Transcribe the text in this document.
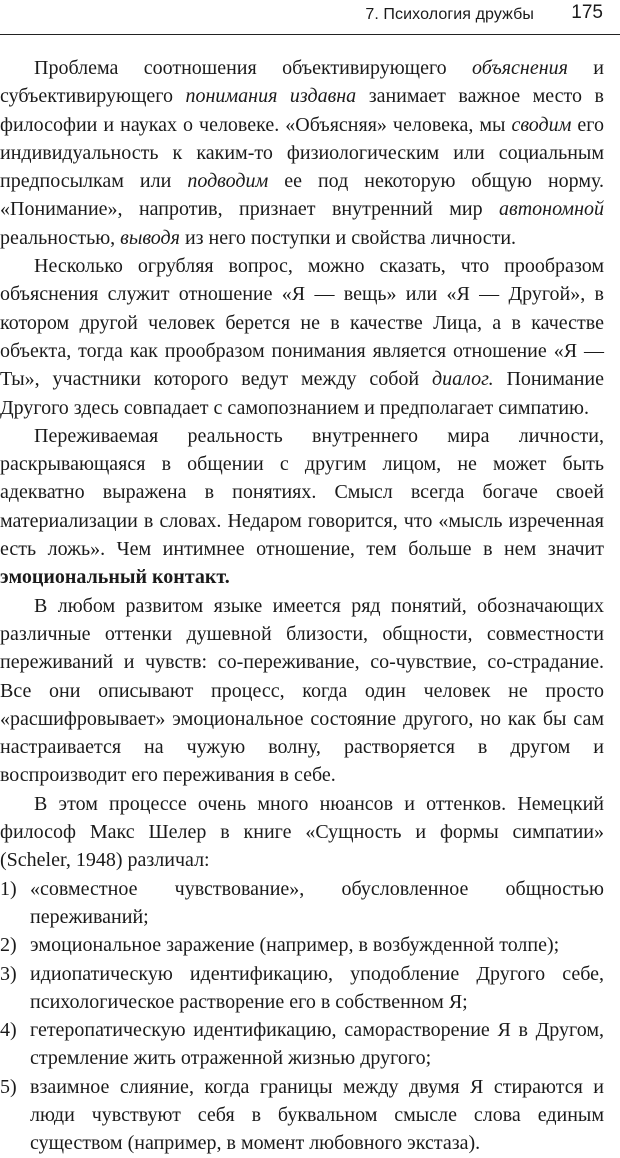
7. Психология дружбы 175

Проблема соотношения объективирующего объяснения и субъективирующего понимания издавна занимает важное место в философии и науках о человеке. «Объясняя» человека, мы сводим его индивидуальность к каким-то физиологическим или социальным предпосылкам или подводим ее под некоторую общую норму. «Понимание», напротив, признает внутренний мир автономной реальностью, выводя из него поступки и свойства личности.

Несколько огрубляя вопрос, можно сказать, что прообразом объяснения служит отношение «Я — вещь» или «Я — Другой», в котором другой человек берется не в качестве Лица, а в качестве объекта, тогда как прообразом понимания является отношение «Я — Ты», участники которого ведут между собой диалог. Понимание Другого здесь совпадает с самопознанием и предполагает симпатию.

Переживаемая реальность внутреннего мира личности, раскрывающаяся в общении с другим лицом, не может быть адекватно выражена в понятиях. Смысл всегда богаче своей материализации в словах. Недаром говорится, что «мысль изреченная есть ложь». Чем интимнее отношение, тем больше в нем значит эмоциональный контакт.

В любом развитом языке имеется ряд понятий, обозначающих различные оттенки душевной близости, общности, совместности переживаний и чувств: со-переживание, со-чувствие, со-страдание. Все они описывают процесс, когда один человек не просто «расшифровывает» эмоциональное состояние другого, но как бы сам настраивается на чужую волну, растворяется в другом и воспроизводит его переживания в себе.

В этом процессе очень много нюансов и оттенков. Немецкий философ Макс Шелер в книге «Сущность и формы симпатии» (Scheler, 1948) различал:

1) «совместное чувствование», обусловленное общностью переживаний;
2) эмоциональное заражение (например, в возбужденной толпе);
3) идиопатическую идентификацию, уподобление Другого себе, психологическое растворение его в собственном Я;
4) гетеропатическую идентификацию, саморастворение Я в Другом, стремление жить отраженной жизнью другого;
5) взаимное слияние, когда границы между двумя Я стираются и люди чувствуют себя в буквальном смысле слова единым существом (например, в момент любовного экстаза).
